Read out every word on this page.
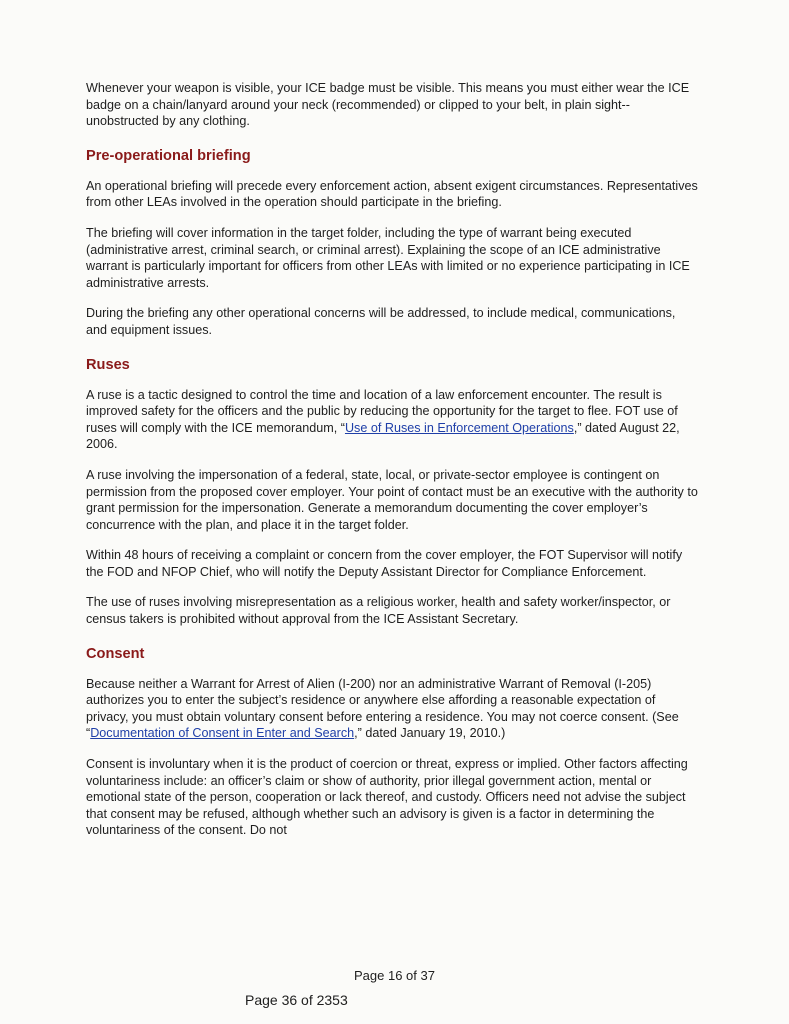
Whenever your weapon is visible, your ICE badge must be visible. This means you must either wear the ICE badge on a chain/lanyard around your neck (recommended) or clipped to your belt, in plain sight--unobstructed by any clothing.

Pre-operational briefing

An operational briefing will precede every enforcement action, absent exigent circumstances. Representatives from other LEAs involved in the operation should participate in the briefing.

The briefing will cover information in the target folder, including the type of warrant being executed (administrative arrest, criminal search, or criminal arrest). Explaining the scope of an ICE administrative warrant is particularly important for officers from other LEAs with limited or no experience participating in ICE administrative arrests.

During the briefing any other operational concerns will be addressed, to include medical, communications, and equipment issues.

Ruses

A ruse is a tactic designed to control the time and location of a law enforcement encounter. The result is improved safety for the officers and the public by reducing the opportunity for the target to flee. FOT use of ruses will comply with the ICE memorandum, “Use of Ruses in Enforcement Operations,” dated August 22, 2006.

A ruse involving the impersonation of a federal, state, local, or private-sector employee is contingent on permission from the proposed cover employer. Your point of contact must be an executive with the authority to grant permission for the impersonation. Generate a memorandum documenting the cover employer’s concurrence with the plan, and place it in the target folder.

Within 48 hours of receiving a complaint or concern from the cover employer, the FOT Supervisor will notify the FOD and NFOP Chief, who will notify the Deputy Assistant Director for Compliance Enforcement.

The use of ruses involving misrepresentation as a religious worker, health and safety worker/inspector, or census takers is prohibited without approval from the ICE Assistant Secretary.

Consent

Because neither a Warrant for Arrest of Alien (I-200) nor an administrative Warrant of Removal (I-205) authorizes you to enter the subject’s residence or anywhere else affording a reasonable expectation of privacy, you must obtain voluntary consent before entering a residence. You may not coerce consent. (See “Documentation of Consent in Enter and Search,” dated January 19, 2010.)

Consent is involuntary when it is the product of coercion or threat, express or implied. Other factors affecting voluntariness include: an officer’s claim or show of authority, prior illegal government action, mental or emotional state of the person, cooperation or lack thereof, and custody. Officers need not advise the subject that consent may be refused, although whether such an advisory is given is a factor in determining the voluntariness of the consent. Do not

Page 16 of 37
Page 36 of 2353
